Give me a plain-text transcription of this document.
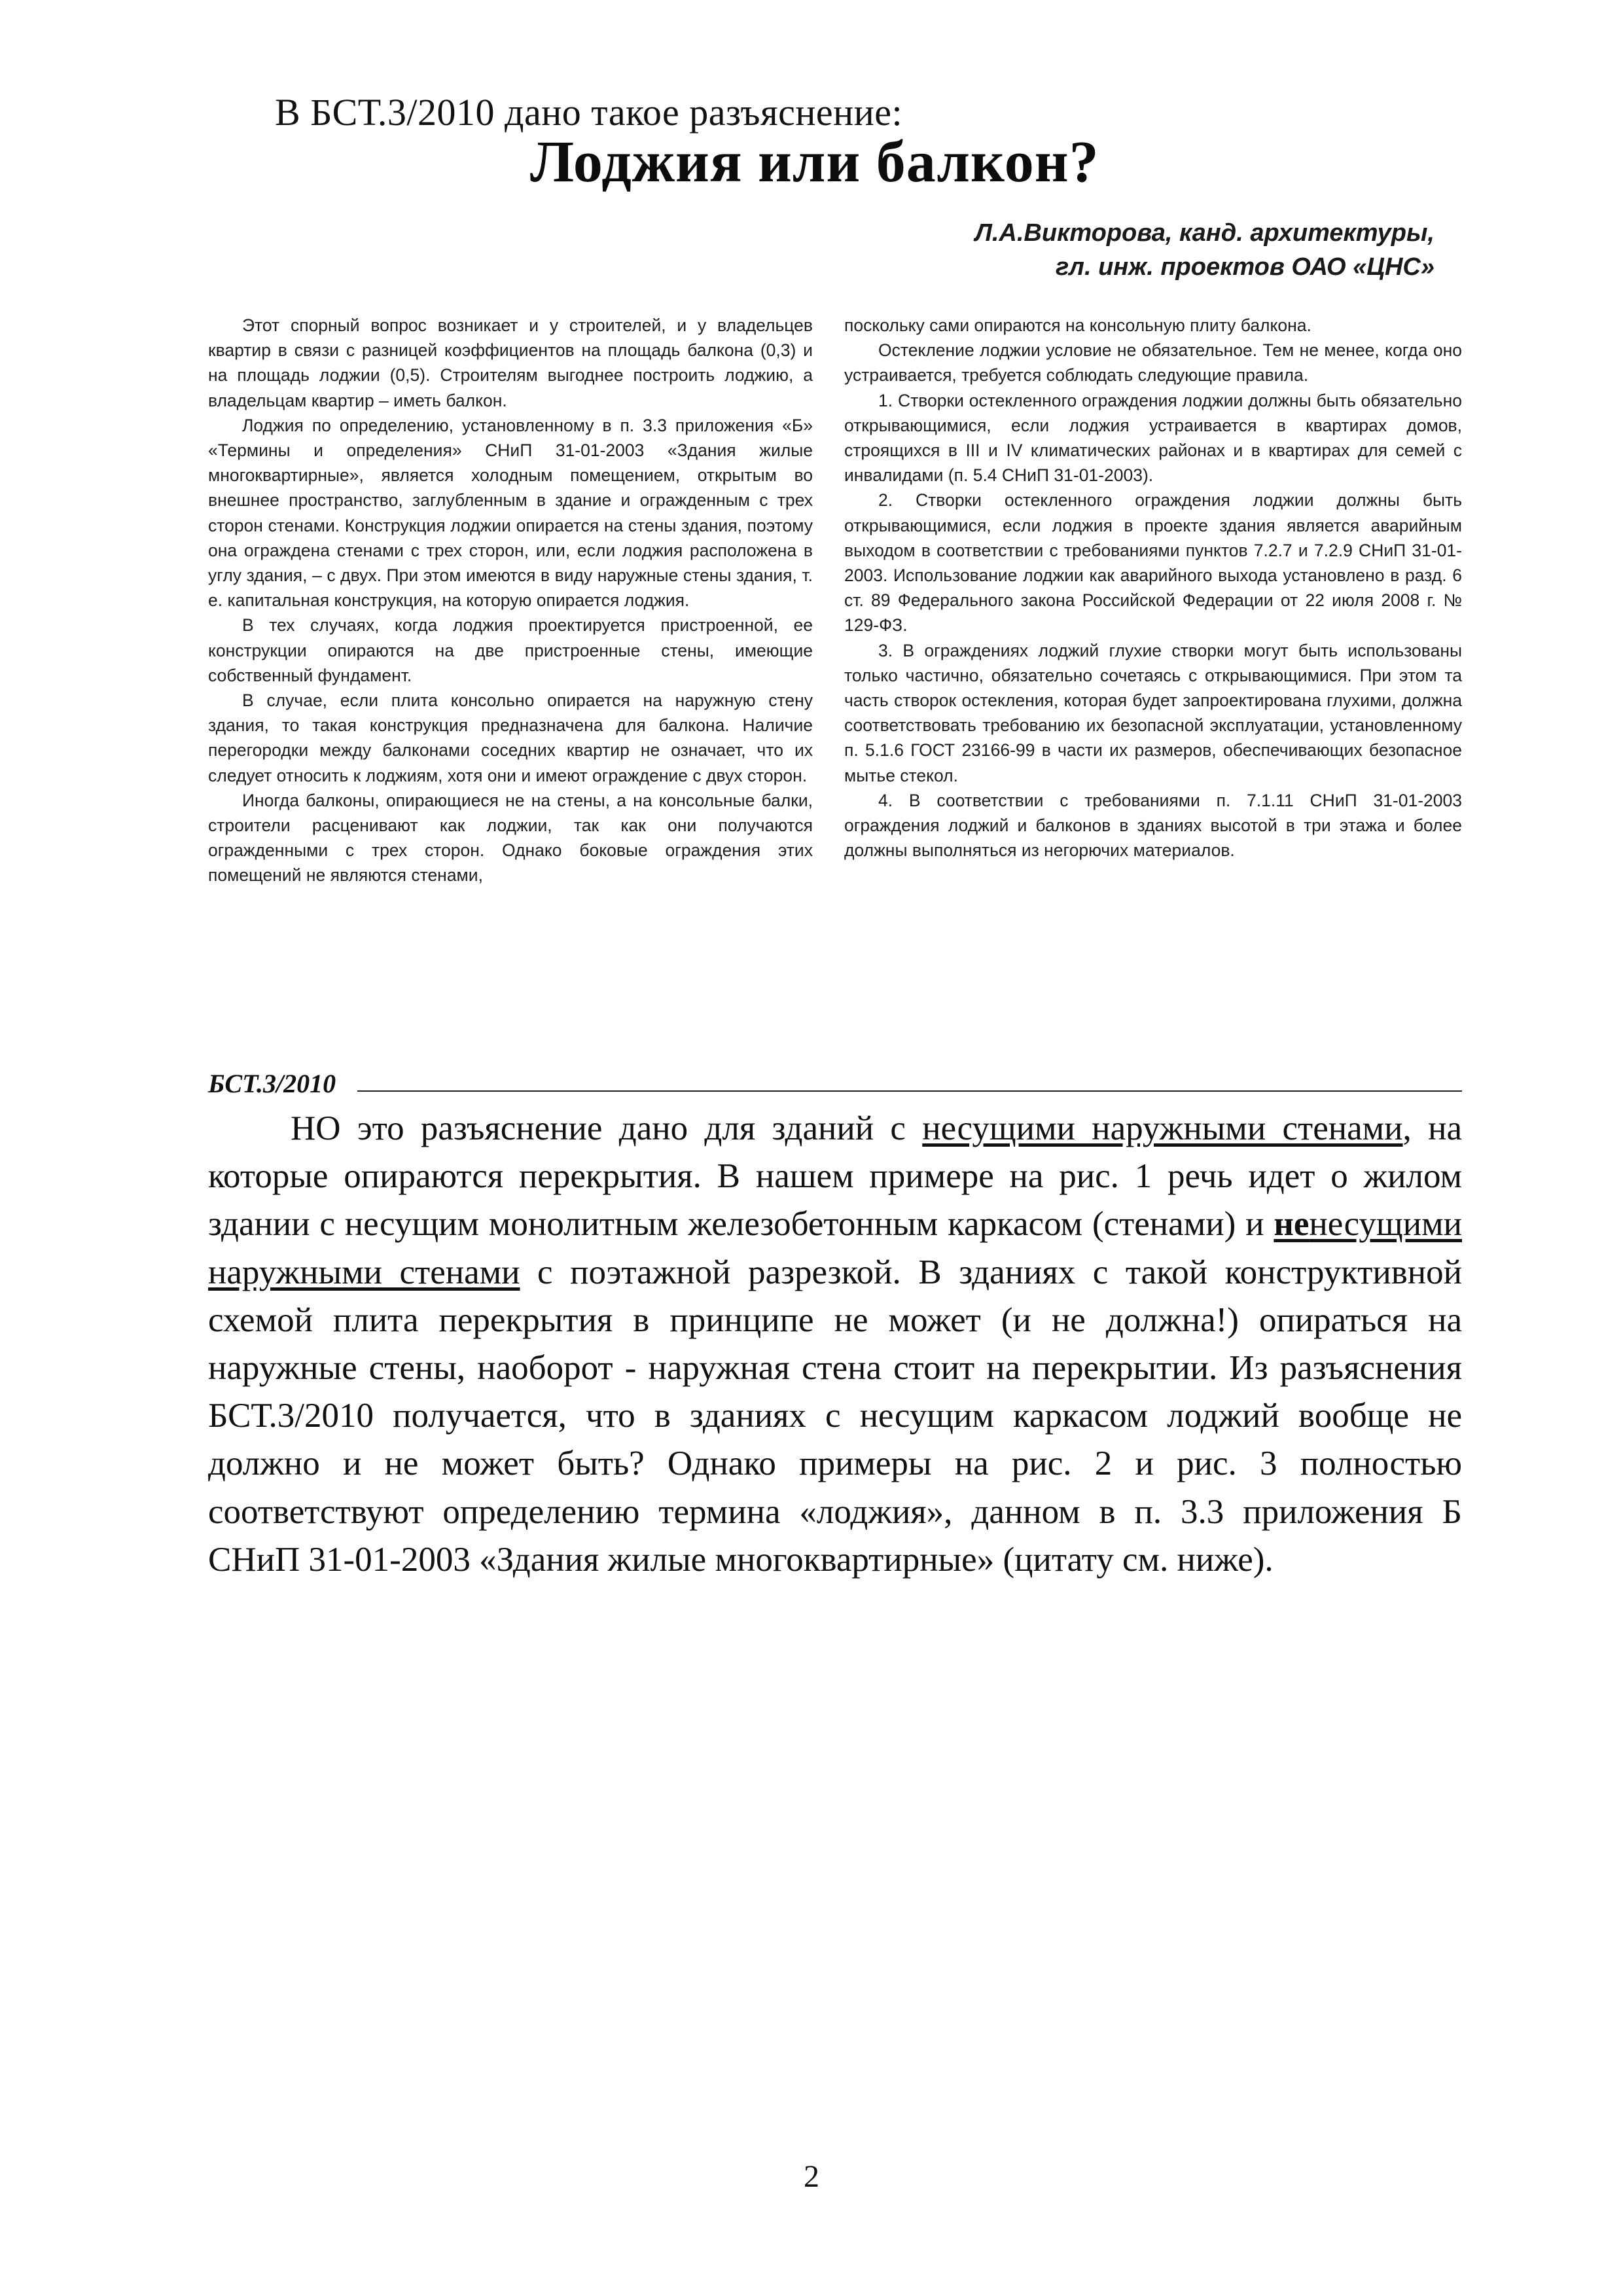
В БСТ.3/2010 дано такое разъяснение:
Лоджия или балкон?
Л.А.Викторова, канд. архитектуры,
гл. инж. проектов ОАО «ЦНС»

Этот спорный вопрос возникает и у строителей, и у владельцев квартир в связи с разницей коэффициентов на площадь балкона (0,3) и на площадь лоджии (0,5). Строителям выгоднее построить лоджию, а владельцам квартир – иметь балкон.

Лоджия по определению, установленному в п. 3.3 приложения «Б» «Термины и определения» СНиП 31-01-2003 «Здания жилые многоквартирные», является холодным помещением, открытым во внешнее пространство, заглубленным в здание и огражденным с трех сторон стенами. Конструкция лоджии опирается на стены здания, поэтому она ограждена стенами с трех сторон, или, если лоджия расположена в углу здания, – с двух. При этом имеются в виду наружные стены здания, т. е. капитальная конструкция, на которую опирается лоджия.

В тех случаях, когда лоджия проектируется пристроенной, ее конструкции опираются на две пристроенные стены, имеющие собственный фундамент.

В случае, если плита консольно опирается на наружную стену здания, то такая конструкция предназначена для балкона. Наличие перегородки между балконами соседних квартир не означает, что их следует относить к лоджиям, хотя они и имеют ограждение с двух сторон.

Иногда балконы, опирающиеся не на стены, а на консольные балки, строители расценивают как лоджии, так как они получаются огражденными с трех сторон. Однако боковые ограждения этих помещений не являются стенами,

поскольку сами опираются на консольную плиту балкона.

Остекление лоджии условие не обязательное. Тем не менее, когда оно устраивается, требуется соблюдать следующие правила.

1. Створки остекленного ограждения лоджии должны быть обязательно открывающимися, если лоджия устраивается в квартирах домов, строящихся в III и IV климатических районах и в квартирах для семей с инвалидами (п. 5.4 СНиП 31-01-2003).

2. Створки остекленного ограждения лоджии должны быть открывающимися, если лоджия в проекте здания является аварийным выходом в соответствии с требованиями пунктов 7.2.7 и 7.2.9 СНиП 31-01-2003. Использование лоджии как аварийного выхода установлено в разд. 6 ст. 89 Федерального закона Российской Федерации от 22 июля 2008 г. № 129-ФЗ.

3. В ограждениях лоджий глухие створки могут быть использованы только частично, обязательно сочетаясь с открывающимися. При этом та часть створок остекления, которая будет запроектирована глухими, должна соответствовать требованию их безопасной эксплуатации, установленному п. 5.1.6 ГОСТ 23166-99 в части их размеров, обеспечивающих безопасное мытье стекол.

4. В соответствии с требованиями п. 7.1.11 СНиП 31-01-2003 ограждения лоджий и балконов в зданиях высотой в три этажа и более должны выполняться из негорючих материалов.

БСТ.3/2010

НО это разъяснение дано для зданий с несущими наружными стенами, на которые опираются перекрытия. В нашем примере на рис. 1 речь идет о жилом здании с несущим монолитным железобетонным каркасом (стенами) и ненесущими наружными стенами с поэтажной разрезкой. В зданиях с такой конструктивной схемой плита перекрытия в принципе не может (и не должна!) опираться на наружные стены, наоборот - наружная стена стоит на перекрытии. Из разъяснения БСТ.3/2010 получается, что в зданиях с несущим каркасом лоджий вообще не должно и не может быть? Однако примеры на рис. 2 и рис. 3 полностью соответствуют определению термина «лоджия», данном в п. 3.3 приложения Б СНиП 31-01-2003 «Здания жилые многоквартирные» (цитату см. ниже).

2
